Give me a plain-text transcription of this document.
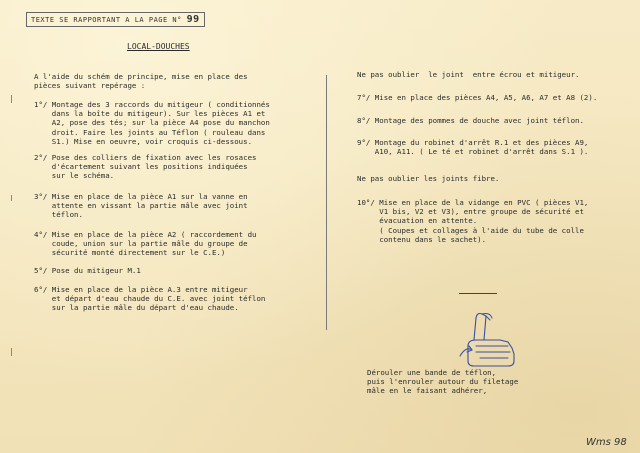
TEXTE SE RAPPORTANT A LA PAGE N° 99
LOCAL-DOUCHES
A l'aide du schém de principe, mise en place des
pièces suivant repérage :
1°/ Montage des 3 raccords du mitigeur ( conditionnés
dans la boîte du mitigeur). Sur les pièces A1 et
A2, pose des tés; sur la pièce A4 pose du manchon
droit. Faire les joints au Téflon ( rouleau dans
S1.) Mise en oeuvre, voir croquis ci-dessous.
2°/ Pose des colliers de fixation avec les rosaces
d'écartement suivant les positions indiquées
sur le schéma.
3°/ Mise en place de la pièce A1 sur la vanne en
attente en vissant la partie mâle avec joint
téflon.
4°/ Mise en place de la pièce A2 ( raccordement du
coude, union sur la partie mâle du groupe de
sécurité monté directement sur le C.E.)
5°/ Pose du mitigeur M.1
6°/ Mise en place de la pièce A.3 entre mitigeur
et départ d'eau chaude du C.E. avec joint téflon
sur la partie mâle du départ d'eau chaude.
Ne pas oublier  le joint  entre écrou et mitigeur.
7°/ Mise en place des pièces A4, A5, A6, A7 et A8 (2).
8°/ Montage des pommes de douche avec joint téflon.
9°/ Montage du robinet d'arrêt R.1 et des pièces A9,
A10, A11. ( Le té et robinet d'arrêt dans S.1 ).
Ne pas oublier les joints fibre.
10°/ Mise en place de la vidange en PVC ( pièces V1,
V1 bis, V2 et V3), entre groupe de sécurité et
évacuation en attente.
( Coupes et collages à l'aide du tube de colle
contenu dans le sachet).
Dérouler une bande de téflon,
puis l'enrouler autour du filetage
mâle en le faisant adhérer,
Wms 98
